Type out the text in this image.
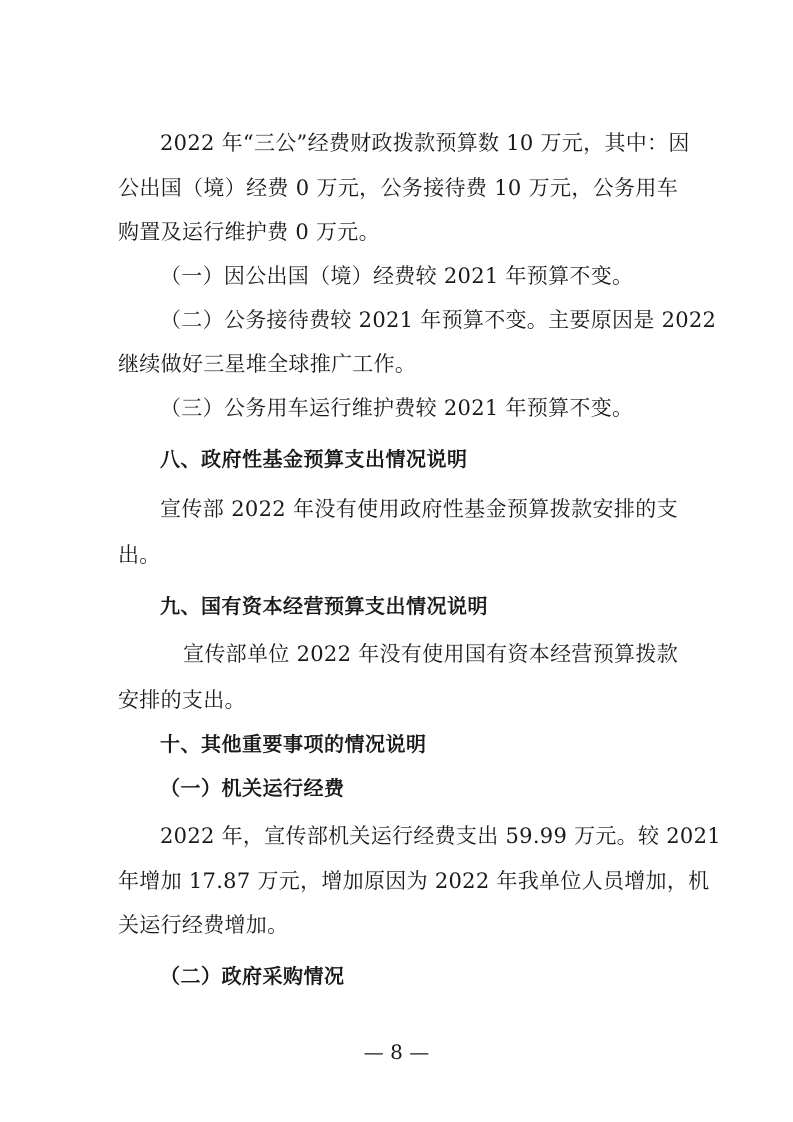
2022 年“三公”经费财政拨款预算数 10 万元，其中：因
公出国（境）经费 0 万元，公务接待费 10 万元，公务用车
购置及运行维护费 0 万元。
（一）因公出国（境）经费较 2021 年预算不变。
（二）公务接待费较 2021 年预算不变。主要原因是 2022
继续做好三星堆全球推广工作。
（三）公务用车运行维护费较 2021 年预算不变。
八、政府性基金预算支出情况说明
宣传部 2022 年没有使用政府性基金预算拨款安排的支
出。
九、国有资本经营预算支出情况说明
宣传部单位 2022 年没有使用国有资本经营预算拨款
安排的支出。
十、其他重要事项的情况说明
（一）机关运行经费
2022 年，宣传部机关运行经费支出 59.99 万元。较 2021
年增加 17.87 万元，增加原因为 2022 年我单位人员增加，机
关运行经费增加。
（二）政府采购情况
— 8 —
